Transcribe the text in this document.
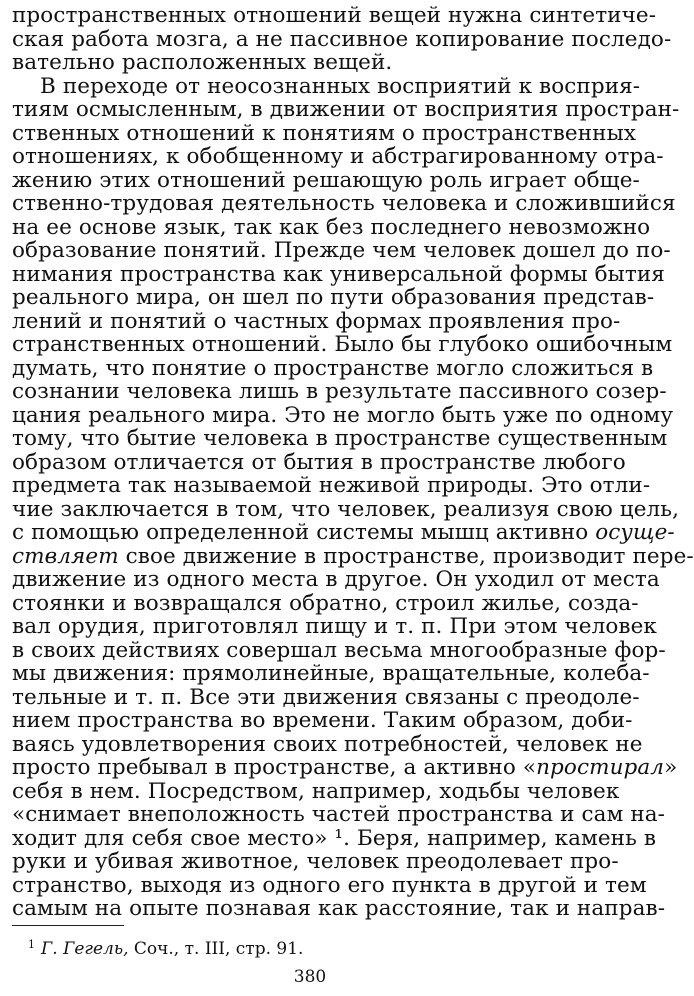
пространственных отношений вещей нужна синтетиче-
ская работа мозга, а не пассивное копирование последо-
вательно расположенных вещей.
В переходе от неосознанных восприятий к восприя-
тиям осмысленным, в движении от восприятия простран-
ственных отношений к понятиям о пространственных
отношениях, к обобщенному и абстрагированному отра-
жению этих отношений решающую роль играет обще-
ственно-трудовая деятельность человека и сложившийся
на ее основе язык, так как без последнего невозможно
образование понятий. Прежде чем человек дошел до по-
нимания пространства как универсальной формы бытия
реального мира, он шел по пути образования представ-
лений и понятий о частных формах проявления про-
странственных отношений. Было бы глубоко ошибочным
думать, что понятие о пространстве могло сложиться в
сознании человека лишь в результате пассивного созер-
цания реального мира. Это не могло быть уже по одному
тому, что бытие человека в пространстве существенным
образом отличается от бытия в пространстве любого
предмета так называемой неживой природы. Это отли-
чие заключается в том, что человек, реализуя свою цель,
с помощью определенной системы мышц активно осуще-
ствляет свое движение в пространстве, производит пере-
движение из одного места в другое. Он уходил от места
стоянки и возвращался обратно, строил жилье, созда-
вал орудия, приготовлял пищу и т. п. При этом человек
в своих действиях совершал весьма многообразные фор-
мы движения: прямолинейные, вращательные, колеба-
тельные и т. п. Все эти движения связаны с преодоле-
нием пространства во времени. Таким образом, доби-
ваясь удовлетворения своих потребностей, человек не
просто пребывал в пространстве, а активно «простирал»
себя в нем. Посредством, например, ходьбы человек
«снимает внеположность частей пространства и сам на-
ходит для себя свое место» ¹. Беря, например, камень в
руки и убивая животное, человек преодолевает про-
странство, выходя из одного его пункта в другой и тем
самым на опыте познавая как расстояние, так и направ-
$^1$ Г. Гегель, Соч., т. III, стр. 91.
380
